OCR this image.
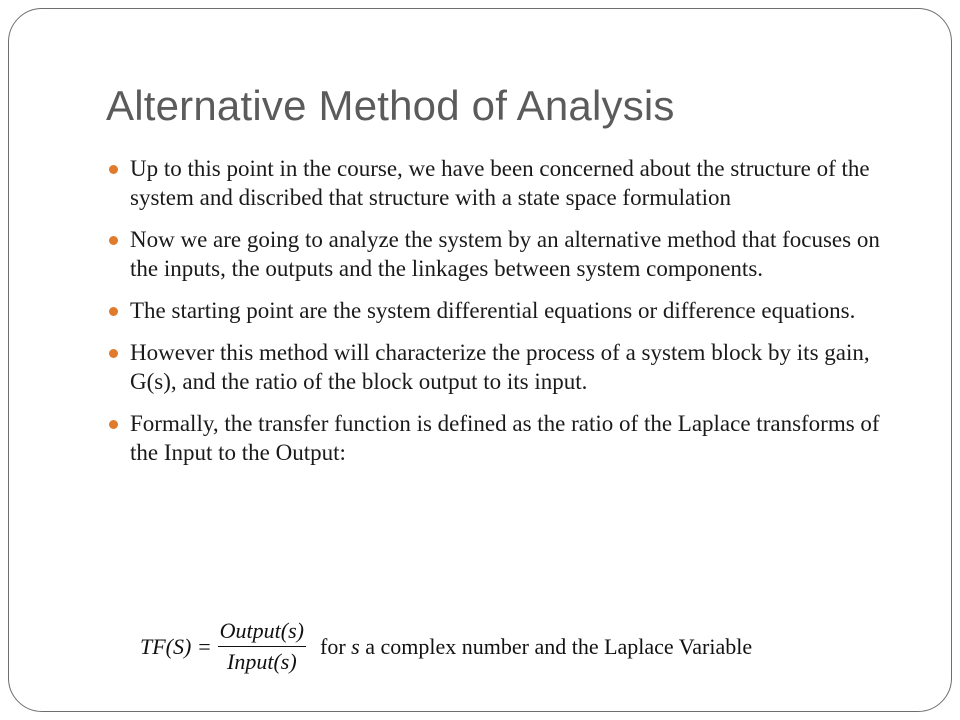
Alternative Method of Analysis
Up to this point in the course, we have been concerned about the structure of the system and discribed that structure with a state space formulation
Now we are going to analyze the system by an alternative method that focuses on the inputs, the outputs and the linkages between system components.
The starting point are the system differential equations or difference equations.
However this method will characterize the process of a system block by its gain, G(s), and the ratio of the block output to its input.
Formally, the transfer function is defined as the ratio of the Laplace transforms of the Input to the Output:
$TF(S) = \frac{\text{Output(s)}}{\text{Input(s)}}$ for
s
a complex number and the Laplace Variable
